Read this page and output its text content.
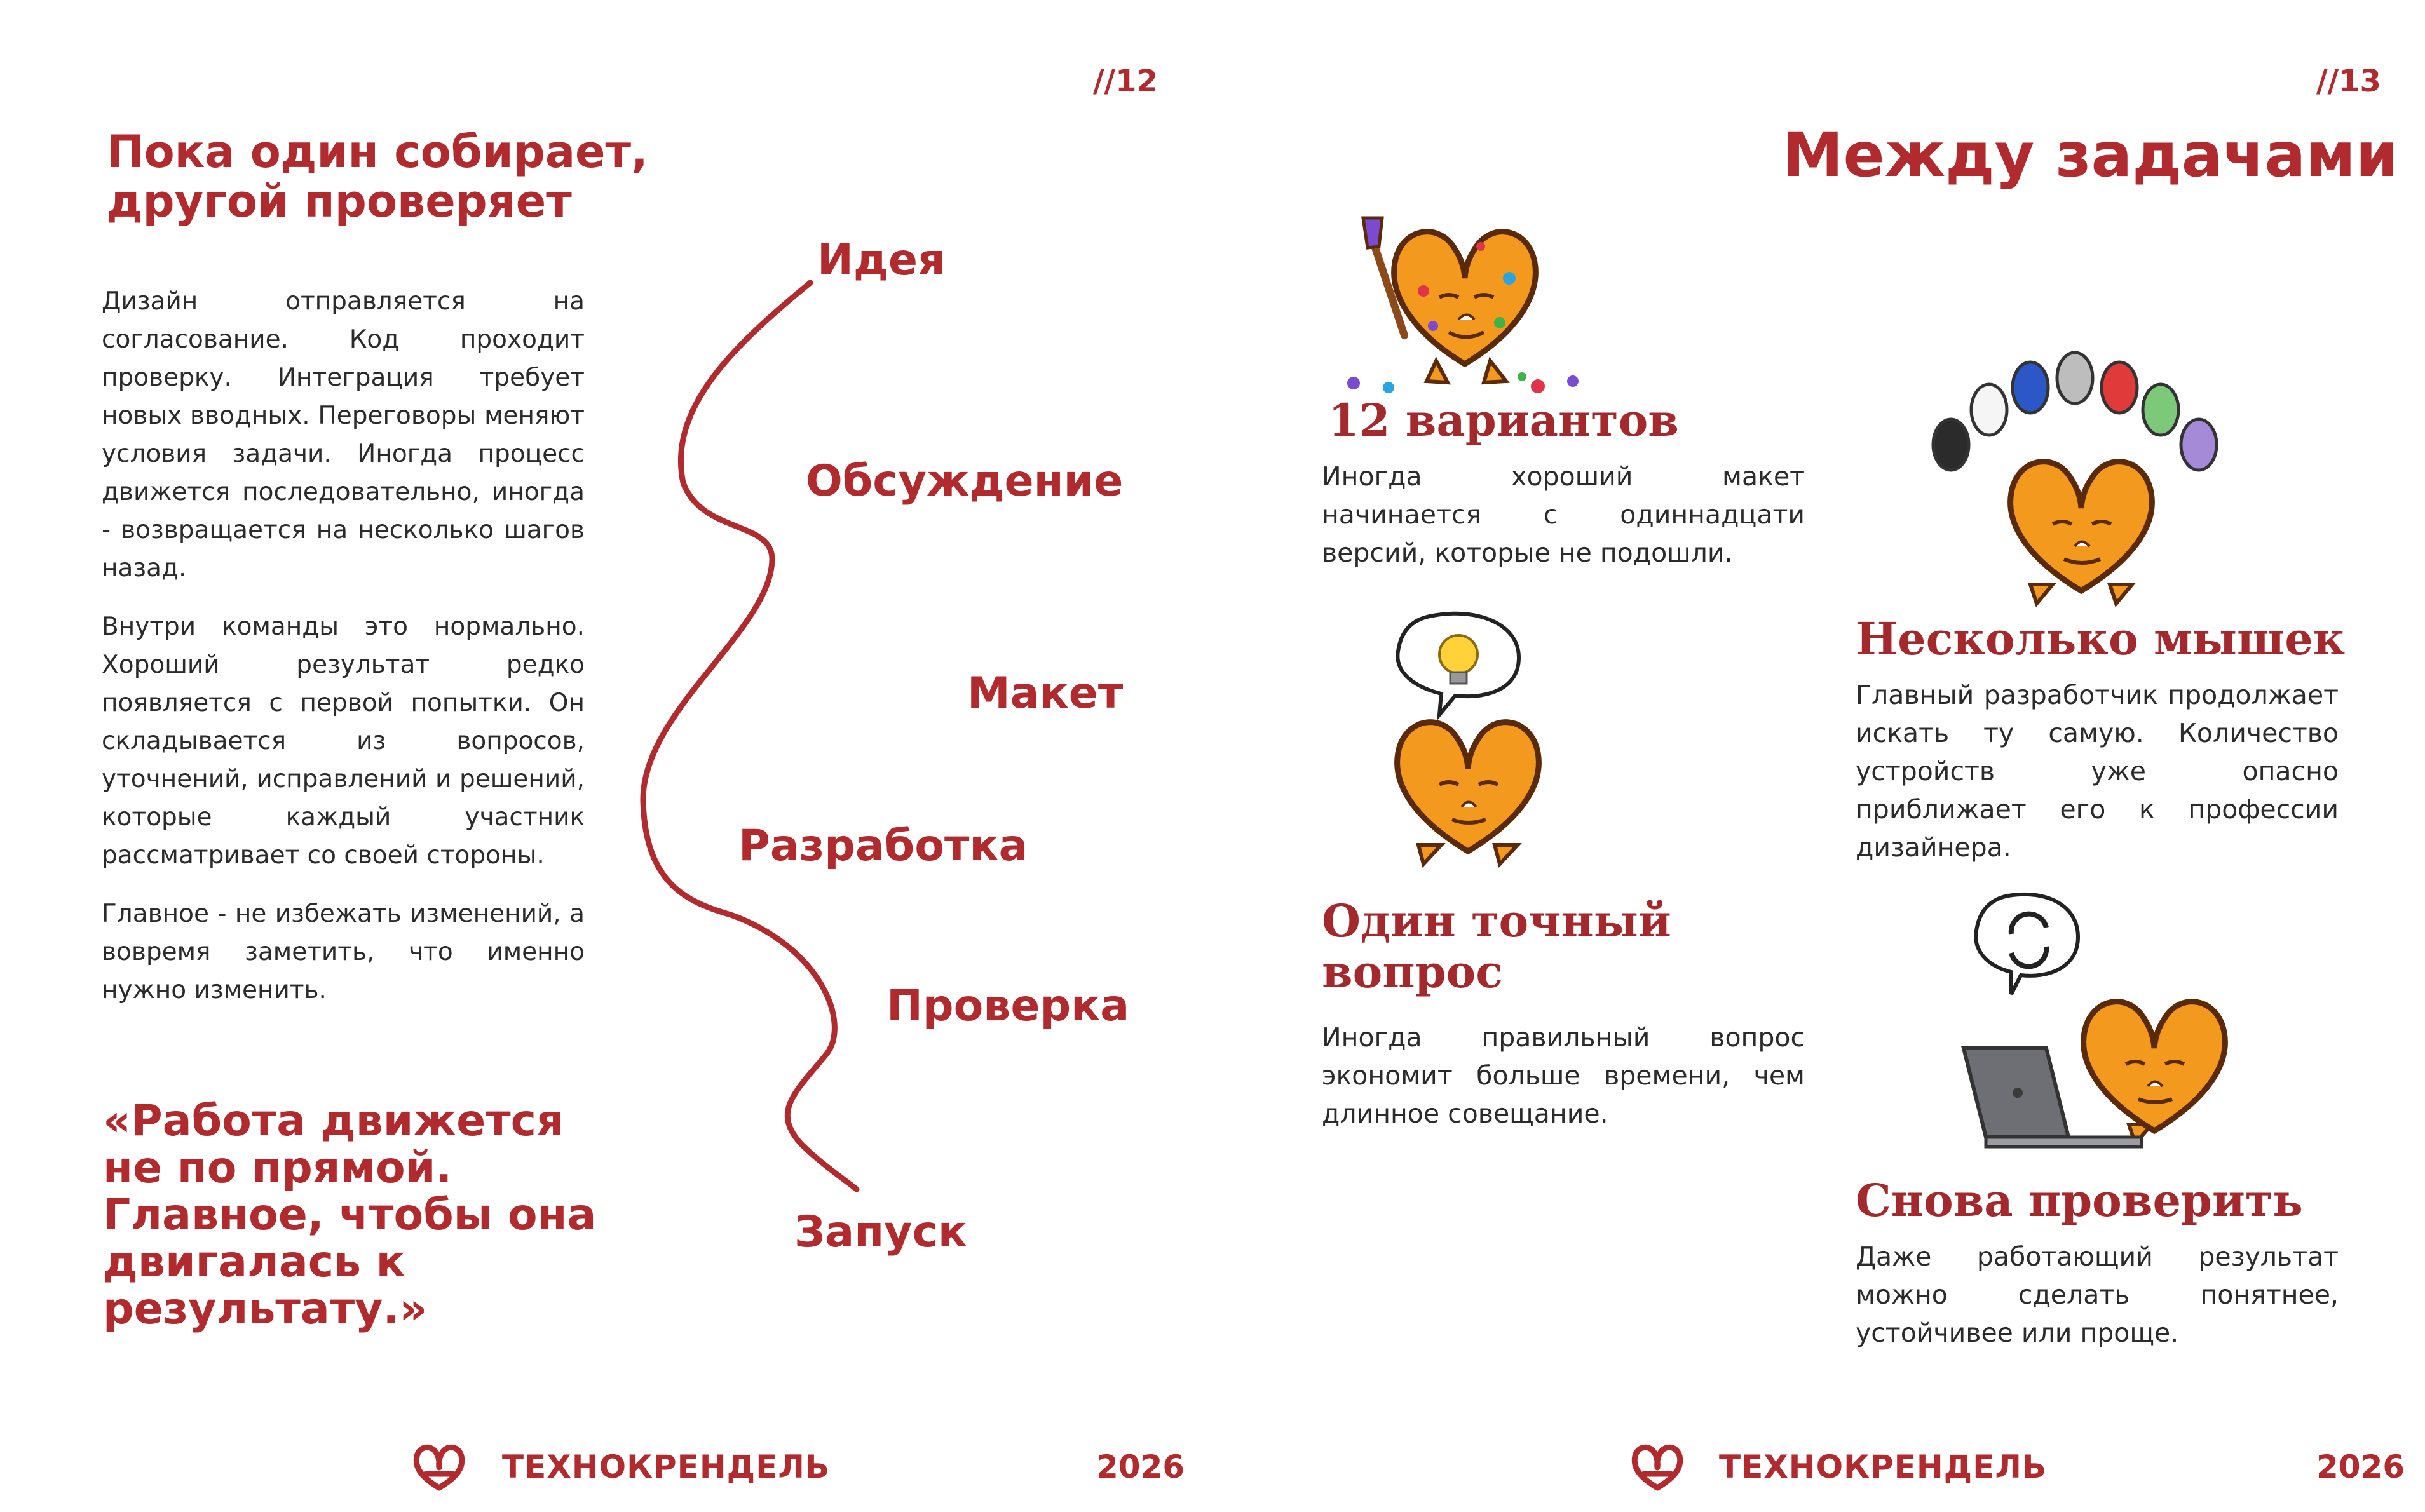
//12
Пока один собирает,
другой проверяет

Дизайн отправляется на согласование. Код проходит проверку. Интеграция требует новых вводных. Переговоры меняют условия задачи. Иногда процесс движется последовательно, иногда - возвращается на несколько шагов назад.

Внутри команды это нормально. Хороший результат редко появляется с первой попытки. Он складывается из вопросов, уточнений, исправлений и решений, которые каждый участник рассматривает со своей стороны.

Главное - не избежать изменений, а вовремя заметить, что именно нужно изменить.

«Работа движется
не по прямой.
Главное, чтобы она
двигалась к
результату.»
Идея
Обсуждение
Макет
Разработка
Проверка
Запуск
ТЕХНОКРЕНДЕЛЬ	2026
//13
Между задачами
12 вариантов
Иногда хороший макет начинается с одиннадцати версий, которые не подошли.
Несколько мышек
Главный разработчик продолжает искать ту самую. Количество устройств уже опасно приближает его к профессии дизайнера.
Один точный
вопрос
Иногда правильный вопрос экономит больше времени, чем длинное совещание.
Снова проверить
Даже работающий результат можно сделать понятнее, устойчивее или проще.
ТЕХНОКРЕНДЕЛЬ	2026
